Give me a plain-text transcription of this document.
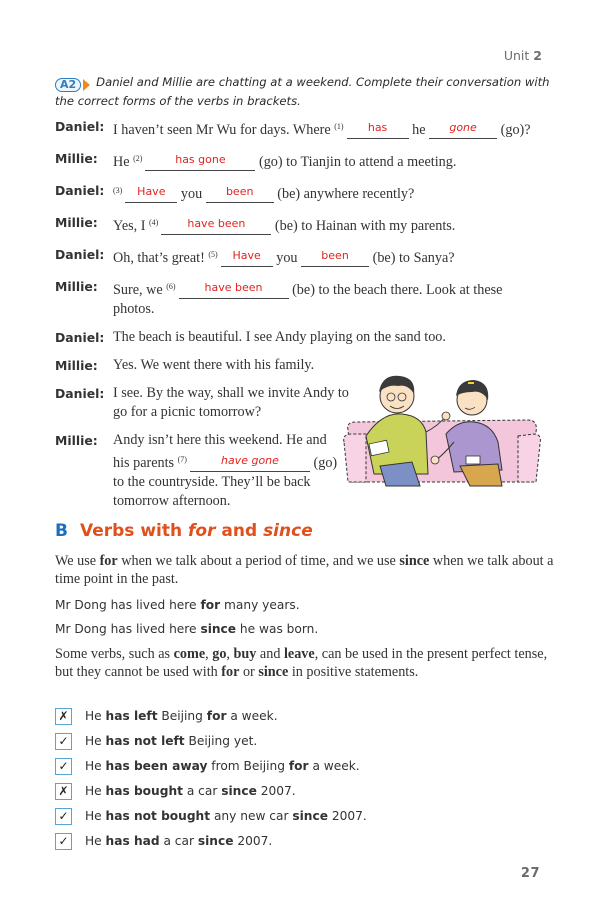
Unit 2
A2	Daniel and Millie are chatting at a weekend. Complete their conversation with the correct forms of the verbs in brackets.
Daniel: I haven’t seen Mr Wu for days. Where $^{(1)}$ $^{has}$ he $^{gone}$ (go)?
Millie:	He $^{(2)}$	$^{has gone}$ (go) to Tianjin to attend a meeting.
Daniel:	$^{(3)}$ $^{Have}$ you $^{been}$ (be) anywhere recently?
Millie:	Yes, I $^{(4)}$	$^{have been}$ (be) to Hainan with my parents.
Daniel: Oh, that’s great! $^{(5)}$ $^{Have}$ you $^{been}$ (be) to Sanya?
Millie:	Sure, we $^{(6)}$	$^{have been}$ (be) to the beach there. Look at these photos.
Daniel: The beach is beautiful. I see Andy playing on the sand too.
Millie:	Yes. We went there with his family.
Daniel: I see. By the way, shall we invite Andy to go for a picnic tomorrow?
Millie:	Andy isn’t here this weekend. He and his parents $^{(7)}$	$^{have gone}$ (go) to the countryside. They’ll be back tomorrow afternoon.
B Verbs with for and since
We use for when we talk about a period of time, and we use since when we talk about a time point in the past.
Mr Dong has lived here for many years.
Mr Dong has lived here since he was born.
Some verbs, such as come, go, buy and leave, can be used in the present perfect tense, but they cannot be used with for or since in positive statements.
✗ He has left Beijing for a week.
✓ He has not left Beijing yet.
✓ He has been away from Beijing for a week.
✗ He has bought a car since 2007.
✓ He has not bought any new car since 2007.
✓ He has had a car since 2007.
27
